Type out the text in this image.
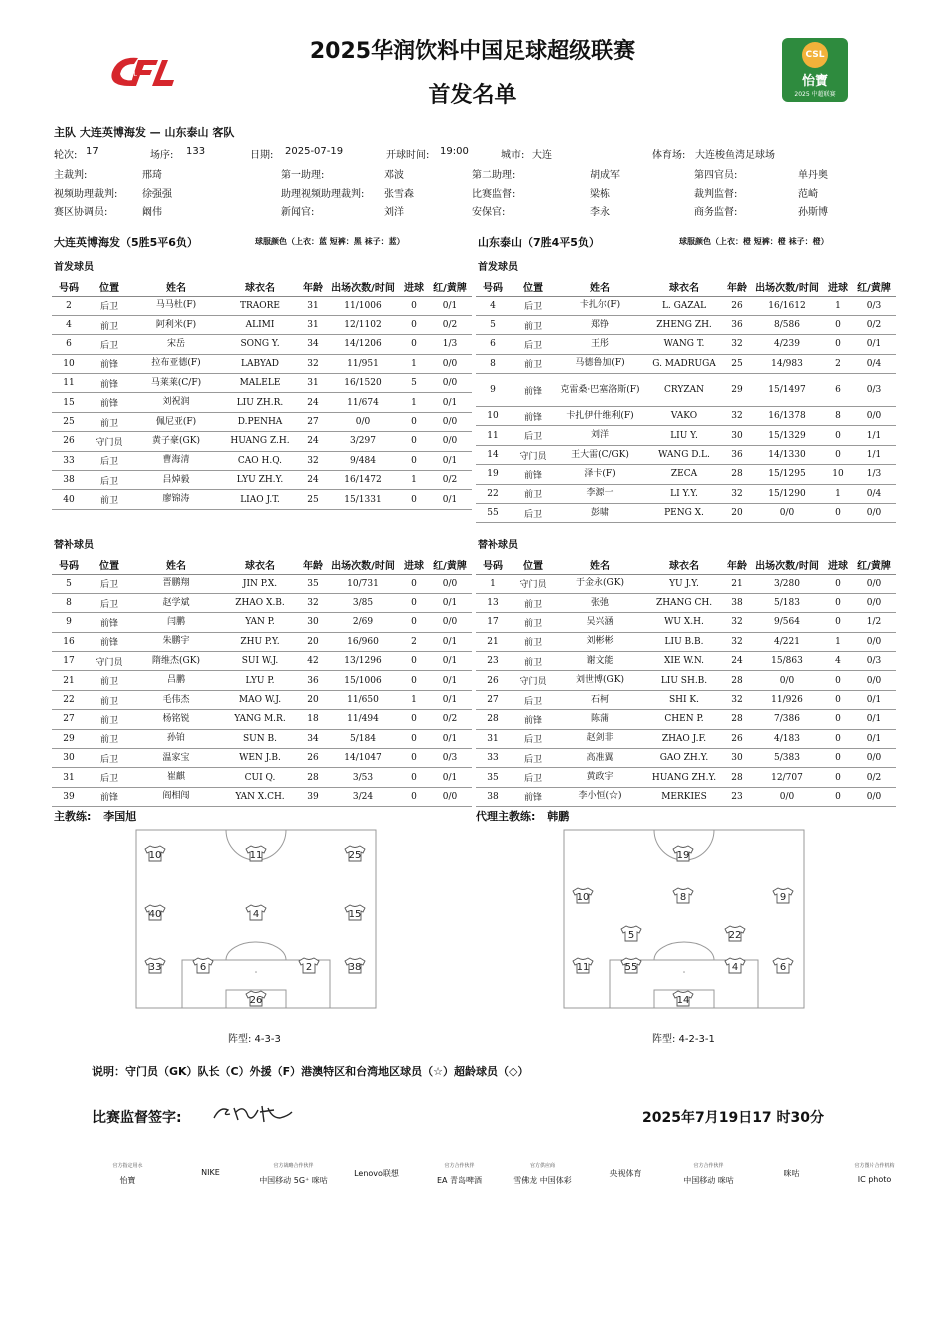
2025华润饮料中国足球超级联赛
首发名单
CFL
CSL
怡寶
2025 中超联赛
主队 大连英博海发 — 山东泰山 客队
轮次: 17	场序: 133	日期: 2025-07-19	开球时间: 19:00	城市: 大连	体育场: 大连梭鱼湾足球场
主裁判:	邢琦	第一助理:	邓波	第二助理:	胡成军	第四官员:	单丹奥
视频助理裁判: 徐强强	助理视频助理裁判: 张雪森	比赛监督:	梁栋	裁判监督:	范崎
赛区协调员:	阚伟	新闻官:	刘洋	安保官:	李永	商务监督:	孙斯博
大连英博海发（5胜5平6负）	球服颜色（上衣：蓝 短裤：黑 袜子：蓝）
首发球员
号码	位置	姓名	球衣名	年龄	出场次数/时间	进球	红/黄牌
2	后卫	马马杜(F)	TRAORE	31	11/1006	0	0/1
4	前卫	阿利米(F)	ALIMI	31	12/1102	0	0/2
6	后卫	宋岳	SONG Y.	34	14/1206	0	1/3
10	前锋	拉布亚德(F)	LABYAD	32	11/951	1	0/0
11	前锋	马莱莱(C/F)	MALELE	31	16/1520	5	0/0
15	前锋	刘祝润	LIU ZH.R.	24	11/674	1	0/1
25	前卫	佩尼亚(F)	D.PENHA	27	0/0	0	0/0
26	守门员	黄子豪(GK)	HUANG Z.H.	24	3/297	0	0/0
33	后卫	曹海清	CAO H.Q.	32	9/484	0	0/1
38	后卫	吕焯毅	LYU ZH.Y.	24	16/1472	1	0/2
40	前卫	廖锦涛	LIAO J.T.	25	15/1331	0	0/1
替补球员
号码	位置	姓名	球衣名	年龄	出场次数/时间	进球	红/黄牌
5	后卫	晋鹏翔	JIN P.X.	35	10/731	0	0/0
8	后卫	赵学斌	ZHAO X.B.	32	3/85	0	0/1
9	前锋	闫鹏	YAN P.	30	2/69	0	0/0
16	前锋	朱鹏宇	ZHU P.Y.	20	16/960	2	0/1
17	守门员	隋维杰(GK)	SUI W.J.	42	13/1296	0	0/1
21	前卫	吕鹏	LYU P.	36	15/1006	0	0/1
22	前卫	毛伟杰	MAO W.J.	20	11/650	1	0/1
27	前卫	杨铭锐	YANG M.R.	18	11/494	0	0/2
29	前卫	孙铂	SUN B.	34	5/184	0	0/1
30	后卫	温家宝	WEN J.B.	26	14/1047	0	0/3
31	后卫	崔麒	CUI Q.	28	3/53	0	0/1
39	前锋	阎相闯	YAN X.CH.	39	3/24	0	0/0
山东泰山（7胜4平5负）	球服颜色（上衣：橙 短裤：橙 袜子：橙）
首发球员
号码	位置	姓名	球衣名	年龄	出场次数/时间	进球	红/黄牌
4	后卫	卡扎尔(F)	L. GAZAL	26	16/1612	1	0/3
5	前卫	郑铮	ZHENG ZH.	36	8/586	0	0/2
6	后卫	王彤	WANG T.	32	4/239	0	0/1
8	前卫	马德鲁加(F)	G. MADRUGA	25	14/983	2	0/4
9	前锋	克雷桑·巴塞洛斯(F)	CRYZAN	29	15/1497	6	0/3
10	前锋	卡扎伊什维利(F)	VAKO	32	16/1378	8	0/0
11	后卫	刘洋	LIU Y.	30	15/1329	0	1/1
14	守门员	王大雷(C/GK)	WANG D.L.	36	14/1330	0	1/1
19	前锋	泽卡(F)	ZECA	28	15/1295	10	1/3
22	前卫	李源一	LI Y.Y.	32	15/1290	1	0/4
55	后卫	彭啸	PENG X.	20	0/0	0	0/0
替补球员
号码	位置	姓名	球衣名	年龄	出场次数/时间	进球	红/黄牌
1	守门员	于金永(GK)	YU J.Y.	21	3/280	0	0/0
13	前卫	张弛	ZHANG CH.	38	5/183	0	0/0
17	前卫	吴兴涵	WU X.H.	32	9/564	0	1/2
21	前卫	刘彬彬	LIU B.B.	32	4/221	1	0/0
23	前卫	谢文能	XIE W.N.	24	15/863	4	0/3
26	守门员	刘世博(GK)	LIU SH.B.	28	0/0	0	0/0
27	后卫	石柯	SHI K.	32	11/926	0	0/1
28	前锋	陈蒲	CHEN P.	28	7/386	0	0/1
31	后卫	赵剑非	ZHAO J.F.	26	4/183	0	0/1
33	后卫	高准翼	GAO ZH.Y.	30	5/383	0	0/0
35	后卫	黄政宇	HUANG ZH.Y.	28	12/707	0	0/2
38	前锋	李小恒(☆)	MERKIES	23	0/0	0	0/0
主教练: 李国旭	代理主教练: 韩鹏
10	11	25
40	4	15
33	6	2	38
26
19
10	8	9
5	22
11	55	4	6
14
阵型: 4-3-3	阵型: 4-2-3-1
说明：守门员（GK）队长（C）外援（F）港澳特区和台湾地区球员（☆）超龄球员（◇）
比赛监督签字:	2025年7月19日17 时30分
官方指定用水
怡寶
NIKE
官方战略合作伙伴
中国移动 5G⁺ 咪咕
Lenovo联想
官方合作伙伴
EA 青岛啤酒
官方供应商
雪佛龙 中国体彩
央视体育
官方合作伙伴
中国移动 咪咕
咪咕
官方图片合作机构
IC photo
